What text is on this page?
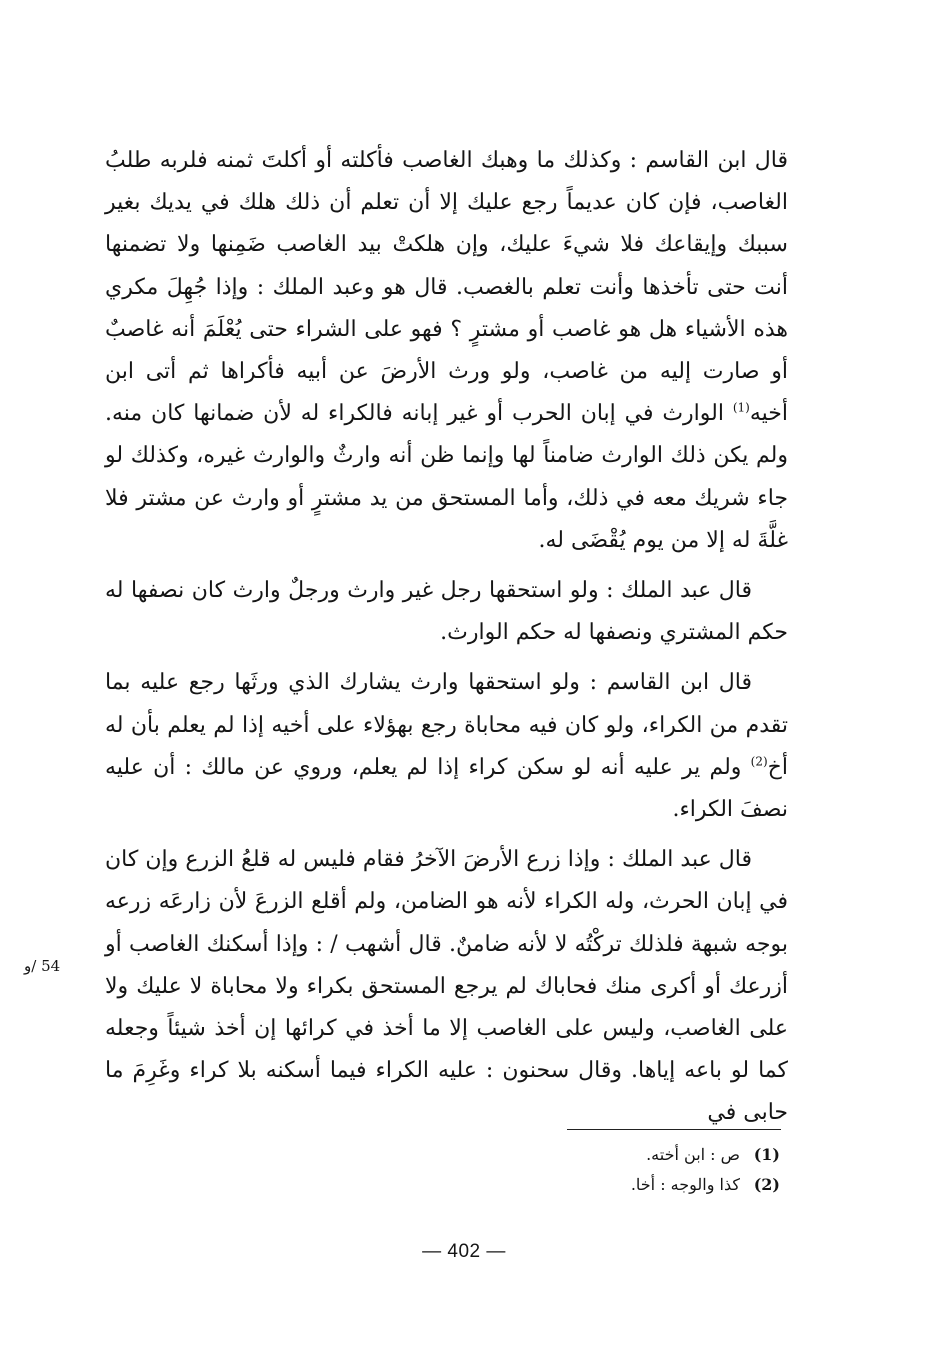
قال ابن القاسم : وكذلك ما وهبك الغاصب فأكلته أو أكلتَ ثمنه فلربه طلبُ الغاصب، فإن كان عديماً رجع عليك إلا أن تعلم أن ذلك هلك في يديك بغير سببك وإيقاعك فلا شيءَ عليك، وإن هلكتْ بيد الغاصب ضَمِنها ولا تضمنها أنت حتى تأخذها وأنت تعلم بالغصب. قال هو وعبد الملك : وإذا جُهِلَ مكري هذه الأشياء هل هو غاصب أو مشترٍ ؟ فهو على الشراء حتى يُعْلَمَ أنه غاصبٌ أو صارت إليه من غاصب، ولو ورث الأرضَ عن أبيه فأكراها ثم أتى ابن أخيه$^{(1)}$ الوارث في إبان الحرب أو غير إبانه فالكراء له لأن ضمانها كان منه. ولم يكن ذلك الوارث ضامناً لها وإنما ظن أنه وارثٌ والوارث غيره، وكذلك لو جاء شريك معه في ذلك، وأما المستحق من يد مشترٍ أو وارث عن مشتر فلا غلَّةَ له إلا من يوم يُقْضَى له.

قال عبد الملك : ولو استحقها رجل غير وارث ورجلٌ وارث كان نصفها له حكم المشتري ونصفها له حكم الوارث.

قال ابن القاسم : ولو استحقها وارث يشارك الذي ورثَها رجع عليه بما تقدم من الكراء، ولو كان فيه محاباة رجع بهؤلاء على أخيه إذا لم يعلم بأن له أخ$^{(2)}$ ولم ير عليه أنه لو سكن كراء إذا لم يعلم، وروي عن مالك : أن عليه نصفَ الكراء.

قال عبد الملك : وإذا زرع الأرضَ الآخرُ فقام فليس له قلعُ الزرع وإن كان في إبان الحرث، وله الكراء لأنه هو الضامن، ولم أقلع الزرعَ لأن زارعَه زرعه بوجه شبهة فلذلك تركْتُه لا لأنه ضامنٌ. قال أشهب / : وإذا أسكنك الغاصب أو أزرعك أو أكرى منك فحاباك لم يرجع المستحق بكراء ولا محاباة لا عليك ولا على الغاصب، وليس على الغاصب إلا ما أخذ في كرائها إن أخذ شيئاً وجعله كما لو باعه إياها. وقال سحنون : عليه الكراء فيما أسكنه بلا كراء وغَرِمَ ما حابى في

54 /و
(1)
ص : ابن أخته.
(2)
كذا والوجه : أخا.
— 402 —
